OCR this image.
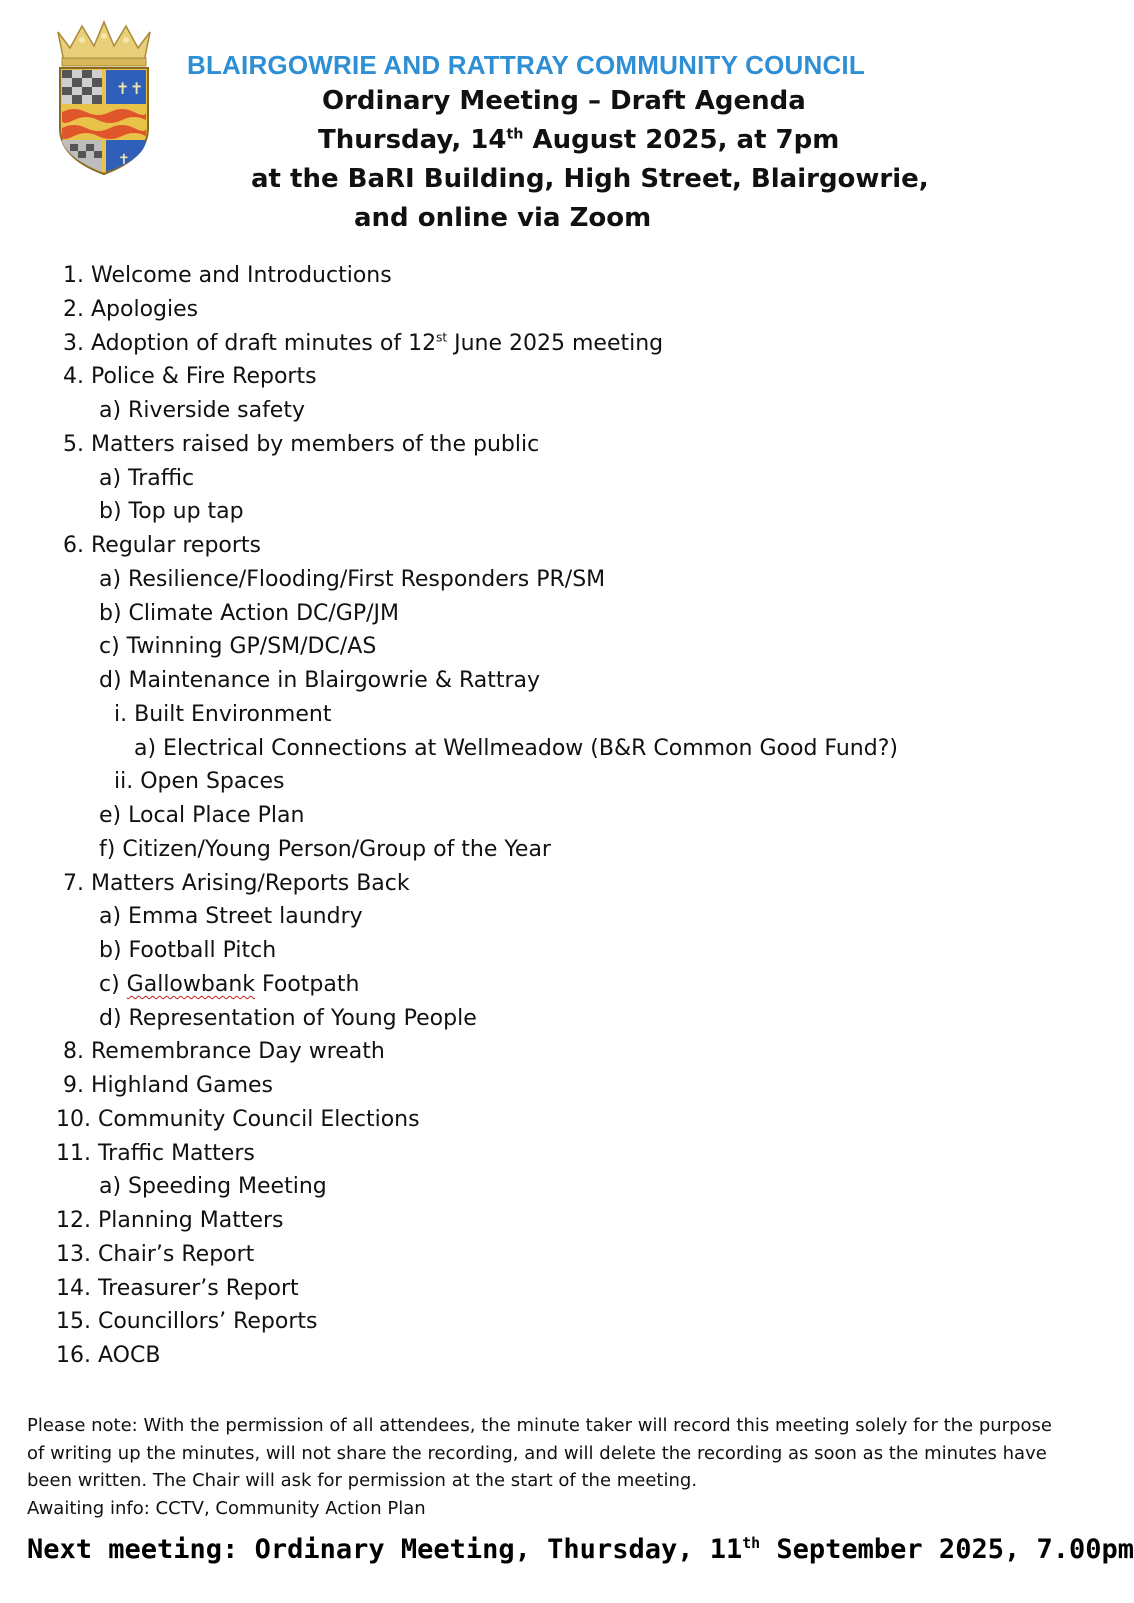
✝ ✝
✝
BLAIRGOWRIE AND RATTRAY COMMUNITY COUNCIL
Ordinary Meeting – Draft Agenda
Thursday, 14th August 2025, at 7pm
at the BaRI Building, High Street, Blairgowrie,
and online via Zoom
1. Welcome and Introductions
2. Apologies
3. Adoption of draft minutes of 12st June 2025 meeting
4. Police & Fire Reports
a) Riverside safety
5. Matters raised by members of the public
a) Traffic
b) Top up tap
6. Regular reports
a) Resilience/Flooding/First Responders PR/SM
b) Climate Action DC/GP/JM
c) Twinning GP/SM/DC/AS
d) Maintenance in Blairgowrie & Rattray
i. Built Environment
a) Electrical Connections at Wellmeadow (B&R Common Good Fund?)
ii. Open Spaces
e) Local Place Plan
f) Citizen/Young Person/Group of the Year
7. Matters Arising/Reports Back
a) Emma Street laundry
b) Football Pitch
c) Gallowbank Footpath
d) Representation of Young People
8. Remembrance Day wreath
9. Highland Games
10. Community Council Elections
11. Traffic Matters
a) Speeding Meeting
12. Planning Matters
13. Chair’s Report
14. Treasurer’s Report
15. Councillors’ Reports
16. AOCB

Please note: With the permission of all attendees, the minute taker will record this meeting solely for the purpose of writing up the minutes, will not share the recording, and will delete the recording as soon as the minutes have been written. The Chair will ask for permission at the start of the meeting.

Awaiting info: CCTV, Community Action Plan

Next meeting: Ordinary Meeting, Thursday, 11th September 2025, 7.00pm
